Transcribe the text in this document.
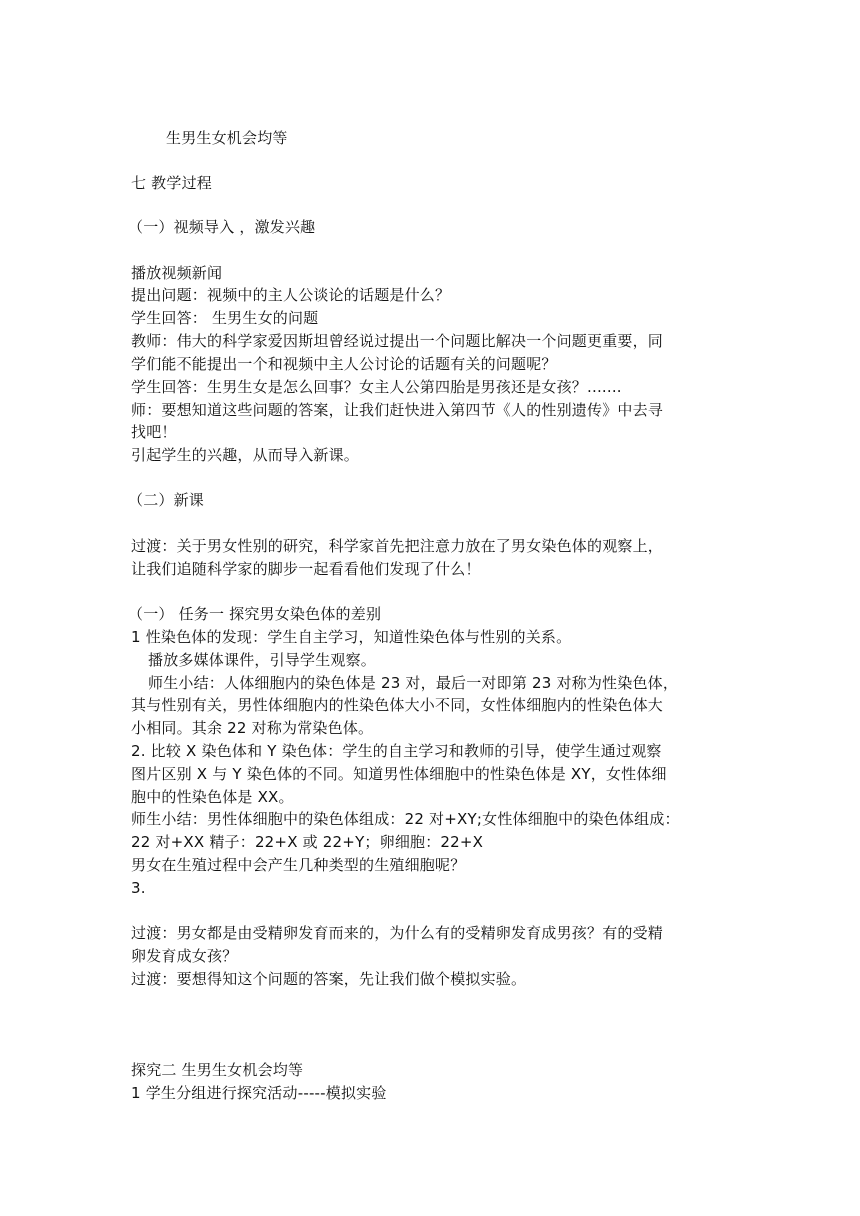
生男生女机会均等
七 教学过程
（一）视频导入 ，激发兴趣
播放视频新闻
提出问题：视频中的主人公谈论的话题是什么？
学生回答： 生男生女的问题
教师：伟大的科学家爱因斯坦曾经说过提出一个问题比解决一个问题更重要，同
学们能不能提出一个和视频中主人公讨论的话题有关的问题呢？
学生回答：生男生女是怎么回事？女主人公第四胎是男孩还是女孩？.......
师：要想知道这些问题的答案，让我们赶快进入第四节《人的性别遗传》中去寻
找吧！
引起学生的兴趣，从而导入新课。
（二）新课
过渡：关于男女性别的研究，科学家首先把注意力放在了男女染色体的观察上，
让我们追随科学家的脚步一起看看他们发现了什么！
（一） 任务一 探究男女染色体的差别
1 性染色体的发现：学生自主学习，知道性染色体与性别的关系。
播放多媒体课件，引导学生观察。
师生小结：人体细胞内的染色体是 23 对，最后一对即第 23 对称为性染色体，
其与性别有关，男性体细胞内的性染色体大小不同，女性体细胞内的性染色体大
小相同。其余 22 对称为常染色体。
2. 比较 X 染色体和 Y 染色体：学生的自主学习和教师的引导，使学生通过观察
图片区别 X 与 Y 染色体的不同。知道男性体细胞中的性染色体是 XY，女性体细
胞中的性染色体是 XX。
师生小结：男性体细胞中的染色体组成：22 对+XY;女性体细胞中的染色体组成：
22 对+XX 精子：22+X 或 22+Y；卵细胞：22+X
男女在生殖过程中会产生几种类型的生殖细胞呢？
3.
过渡：男女都是由受精卵发育而来的，为什么有的受精卵发育成男孩？有的受精
卵发育成女孩？
过渡：要想得知这个问题的答案，先让我们做个模拟实验。
探究二 生男生女机会均等
1 学生分组进行探究活动-----模拟实验
